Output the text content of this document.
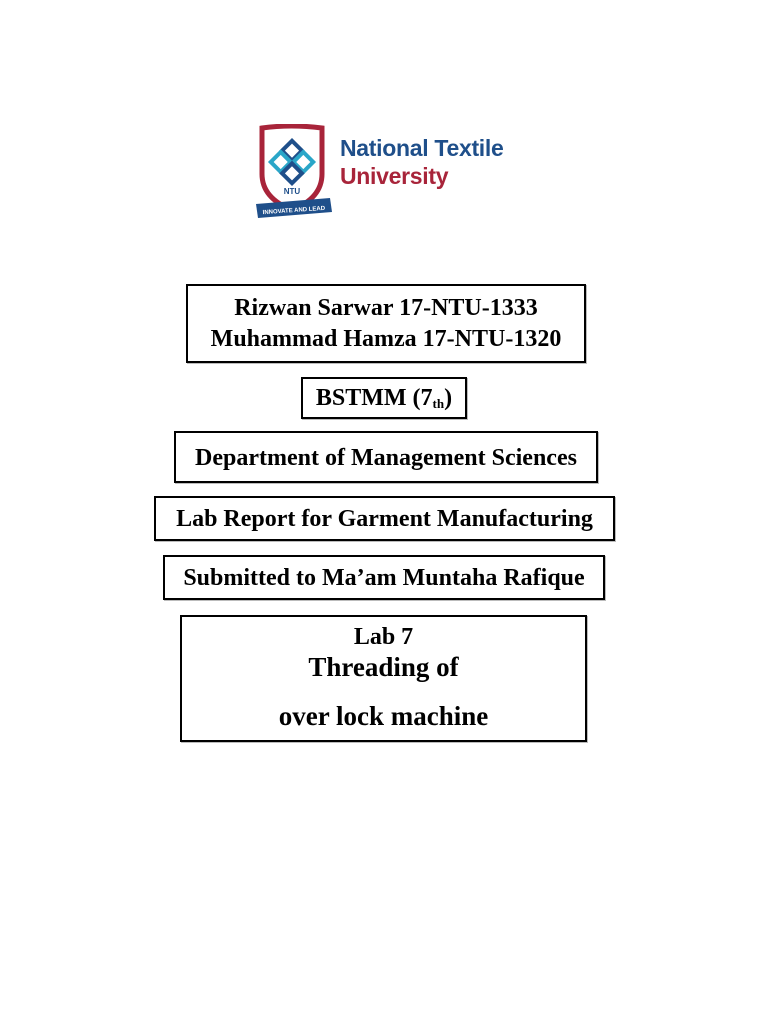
NTU
INNOVATE AND LEAD
National Textile
University
Rizwan Sarwar 17-NTU-1333
Muhammad Hamza 17-NTU-1320
BSTMM $(7_{th})$
Department of Management Sciences
Lab Report for Garment Manufacturing
Submitted to Ma’am Muntaha Rafique
Lab 7
Threading of
over lock machine
